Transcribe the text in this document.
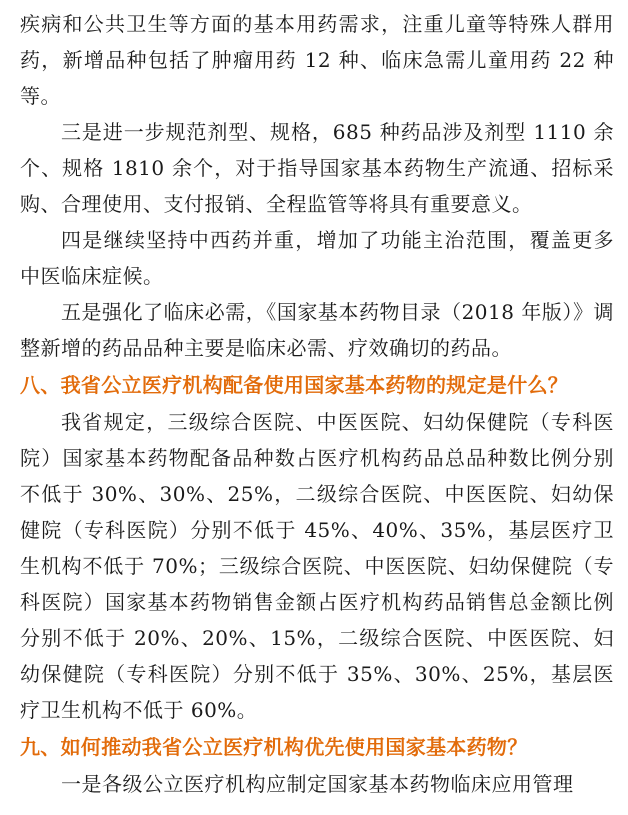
疾病和公共卫生等方面的基本用药需求，注重儿童等特殊人群用药，新增品种包括了肿瘤用药 12 种、临床急需儿童用药 22 种等。

三是进一步规范剂型、规格，685 种药品涉及剂型 1110 余个、规格 1810 余个，对于指导国家基本药物生产流通、招标采购、合理使用、支付报销、全程监管等将具有重要意义。

四是继续坚持中西药并重，增加了功能主治范围，覆盖更多中医临床症候。

五是强化了临床必需，《国家基本药物目录（2018 年版）》调整新增的药品品种主要是临床必需、疗效确切的药品。

八、我省公立医疗机构配备使用国家基本药物的规定是什么？

我省规定，三级综合医院、中医医院、妇幼保健院（专科医院）国家基本药物配备品种数占医疗机构药品总品种数比例分别不低于 30%、30%、25%，二级综合医院、中医医院、妇幼保健院（专科医院）分别不低于 45%、40%、35%，基层医疗卫生机构不低于 70%；三级综合医院、中医医院、妇幼保健院（专科医院）国家基本药物销售金额占医疗机构药品销售总金额比例分别不低于 20%、20%、15%，二级综合医院、中医医院、妇幼保健院（专科医院）分别不低于 35%、30%、25%，基层医疗卫生机构不低于 60%。

九、如何推动我省公立医疗机构优先使用国家基本药物？

一是各级公立医疗机构应制定国家基本药物临床应用管理
